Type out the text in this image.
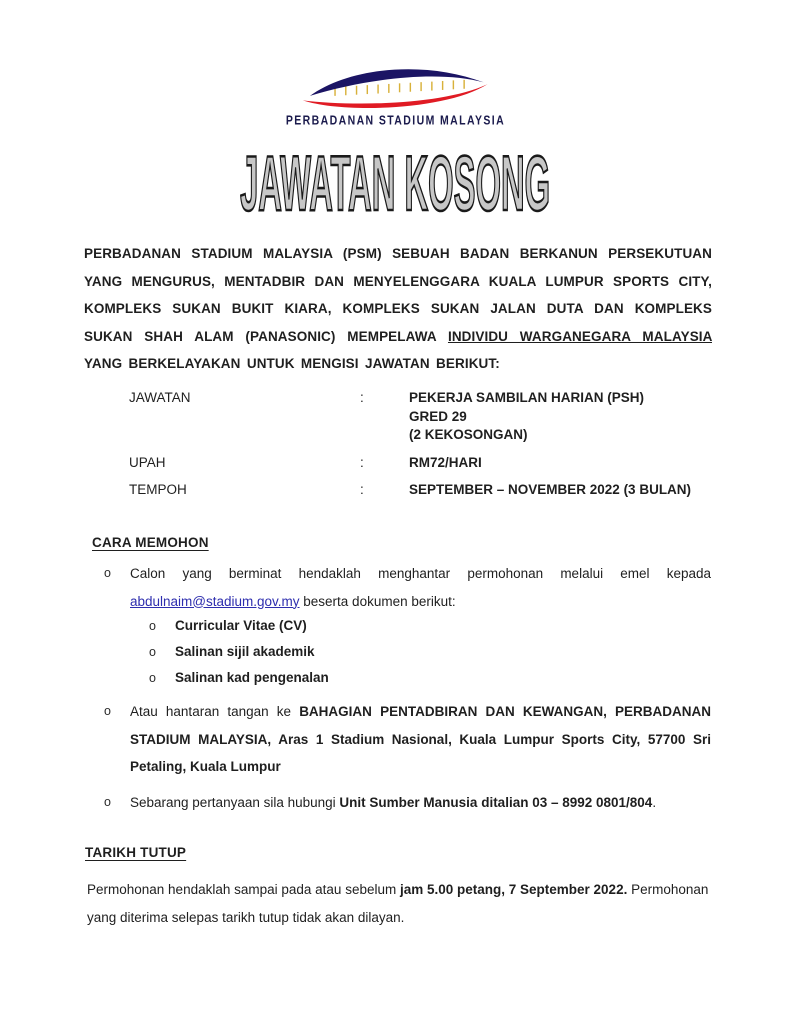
PERBADANAN STADIUM MALAYSIA
JAWATAN KOSONG
PERBADANAN STADIUM MALAYSIA (PSM) SEBUAH BADAN BERKANUN PERSEKUTUAN YANG MENGURUS, MENTADBIR DAN MENYELENGGARA KUALA LUMPUR SPORTS CITY, KOMPLEKS SUKAN BUKIT KIARA, KOMPLEKS SUKAN JALAN DUTA DAN KOMPLEKS SUKAN SHAH ALAM (PANASONIC) MEMPELAWA INDIVIDU WARGANEGARA MALAYSIA YANG BERKELAYAKAN UNTUK MENGISI JAWATAN BERIKUT:
JAWATAN	:	PEKERJA SAMBILAN HARIAN (PSH)
GRED 29
(2 KEKOSONGAN)
UPAH	:	RM72/HARI
TEMPOH	:	SEPTEMBER – NOVEMBER 2022 (3 BULAN)
CARA MEMOHON
o	Calon yang berminat hendaklah menghantar permohonan melalui emel kepada abdulnaim@stadium.gov.my beserta dokumen berikut:
o	Curricular Vitae (CV)
o	Salinan sijil akademik
o	Salinan kad pengenalan
o	Atau hantaran tangan ke BAHAGIAN PENTADBIRAN DAN KEWANGAN, PERBADANAN STADIUM MALAYSIA, Aras 1 Stadium Nasional, Kuala Lumpur Sports City, 57700 Sri Petaling, Kuala Lumpur
o	Sebarang pertanyaan sila hubungi Unit Sumber Manusia ditalian 03 – 8992 0801/804.
TARIKH TUTUP
Permohonan hendaklah sampai pada atau sebelum jam 5.00 petang, 7 September 2022. Permohonan yang diterima selepas tarikh tutup tidak akan dilayan.
